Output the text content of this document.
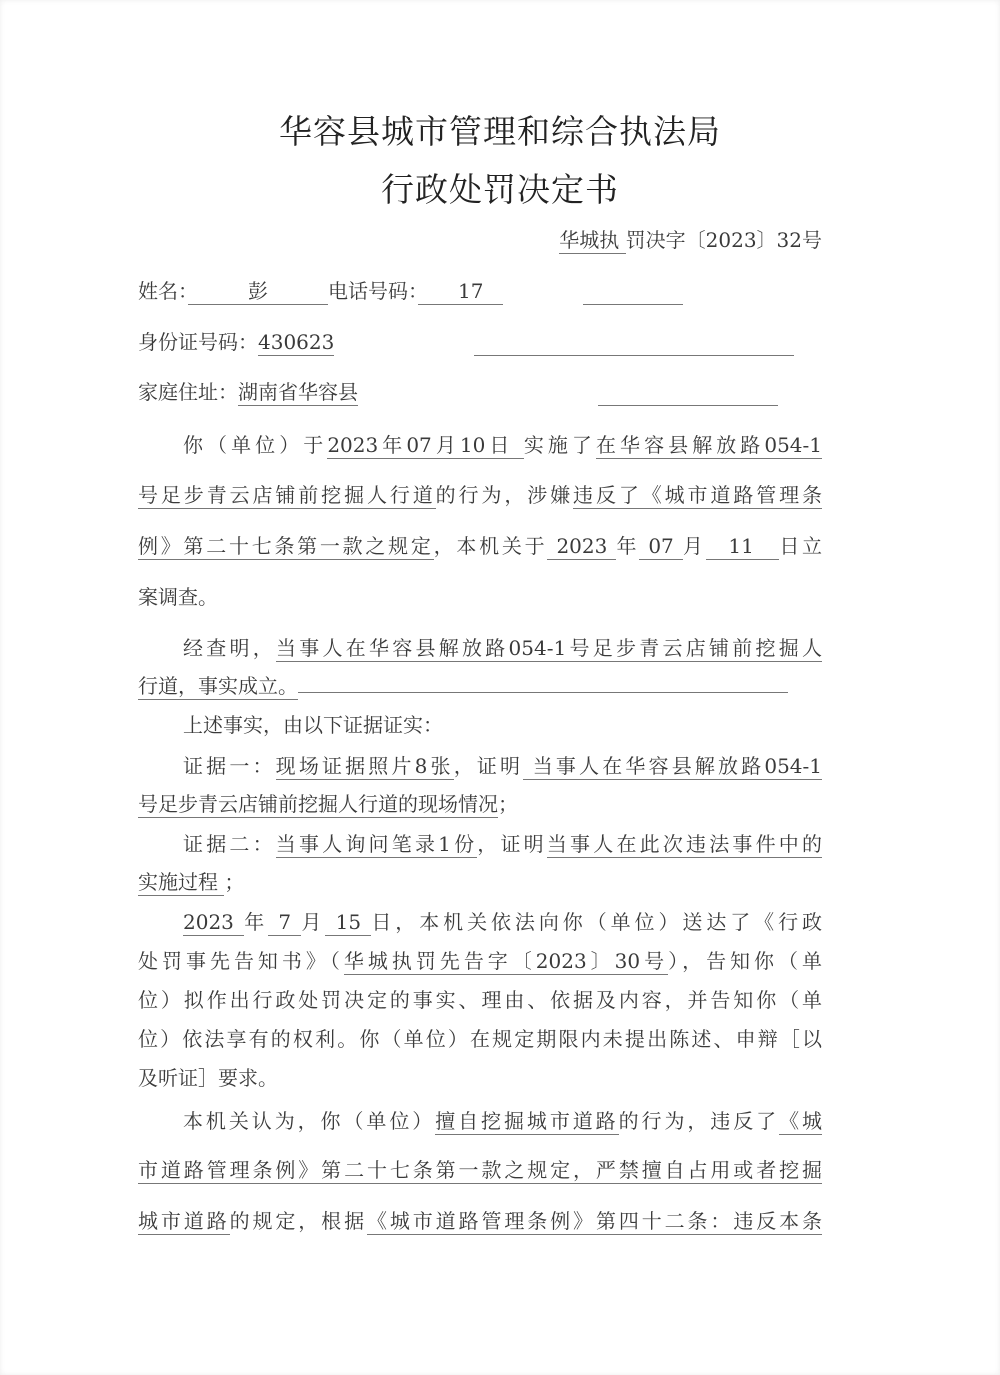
华容县城市管理和综合执法局
行政处罚决定书
华城执 罚决字〔2023〕32号
姓名：　　　彭　　　电话号码：　　17　　　　　　　　　　
身份证号码：430623　　　　　　　　　　　　　　　　　　　　　　　
家庭住址：湖南省华容县　　　　　　　　　　　　　　　　　　　　　
你（单位）于2023年07月10日 实施了在华容县解放路054-1
号足步青云店铺前挖掘人行道的行为，涉嫌违反了《城市道路管理条
例》第二十七条第一款之规定，本机关于 2023 年 07 月　11　日立
案调查。
经查明，当事人在华容县解放路054-1号足步青云店铺前挖掘人
行道，事实成立。
上述事实，由以下证据证实：
证据一：现场证据照片8张，证明 当事人在华容县解放路054-1
号足步青云店铺前挖掘人行道的现场情况；
证据二：当事人询问笔录1份，证明当事人在此次违法事件中的
实施过程 ；
2023 年 7 月 15 日，本机关依法向你（单位）送达了《行政
处罚事先告知书》（华城执罚先告字〔2023〕30号），告知你（单
位）拟作出行政处罚决定的事实、理由、依据及内容，并告知你（单
位）依法享有的权利。你（单位）在规定期限内未提出陈述、申辩［以
及听证］要求。
本机关认为，你（单位）擅自挖掘城市道路的行为，违反了《城
市道路管理条例》第二十七条第一款之规定，严禁擅自占用或者挖掘
城市道路的规定，根据《城市道路管理条例》第四十二条：违反本条
